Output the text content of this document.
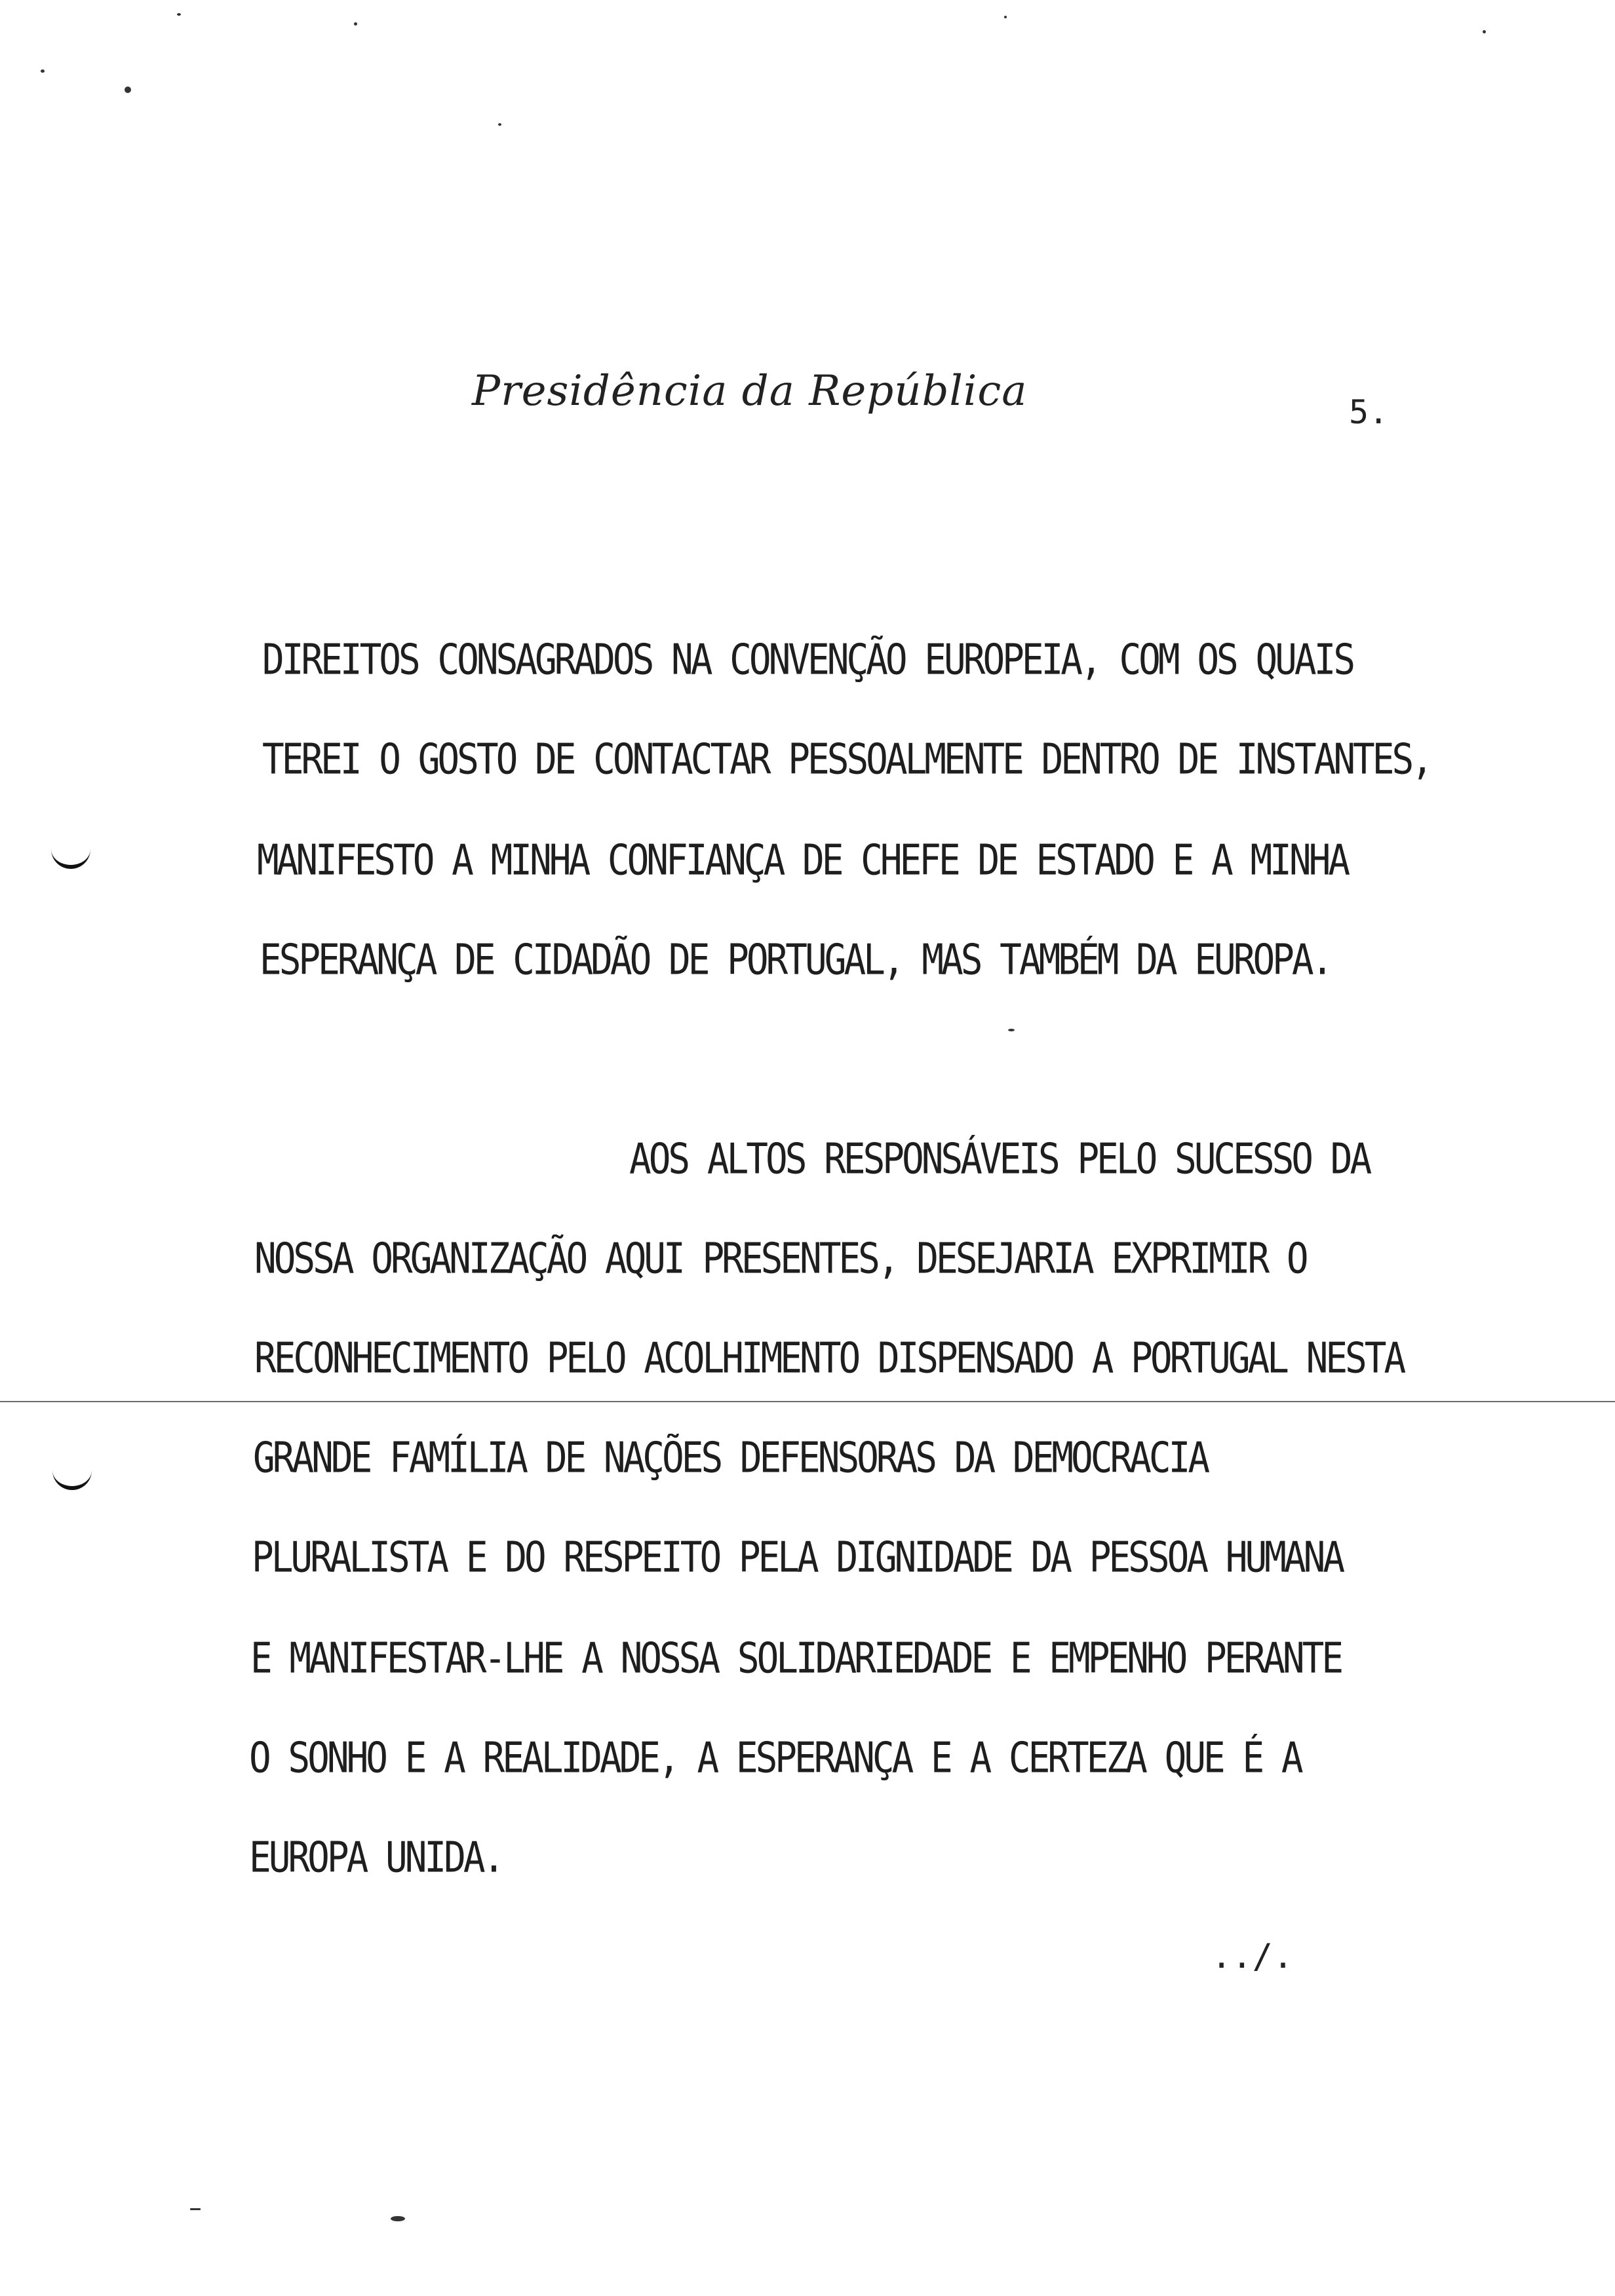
Presidência da República	5.
DIREITOS CONSAGRADOS NA CONVENÇÃO EUROPEIA, COM OS QUAIS
TEREI O GOSTO DE CONTACTAR PESSOALMENTE DENTRO DE INSTANTES,
MANIFESTO A MINHA CONFIANÇA DE CHEFE DE ESTADO E A MINHA
ESPERANÇA DE CIDADÃO DE PORTUGAL, MAS TAMBÉM DA EUROPA.
AOS ALTOS RESPONSÁVEIS PELO SUCESSO DA
NOSSA ORGANIZAÇÃO AQUI PRESENTES, DESEJARIA EXPRIMIR O
RECONHECIMENTO PELO ACOLHIMENTO DISPENSADO A PORTUGAL NESTA
GRANDE FAMÍLIA DE NAÇÕES DEFENSORAS DA DEMOCRACIA
PLURALISTA E DO RESPEITO PELA DIGNIDADE DA PESSOA HUMANA
E MANIFESTAR-LHE A NOSSA SOLIDARIEDADE E EMPENHO PERANTE
O SONHO E A REALIDADE, A ESPERANÇA E A CERTEZA QUE É A
EUROPA UNIDA.
../.
